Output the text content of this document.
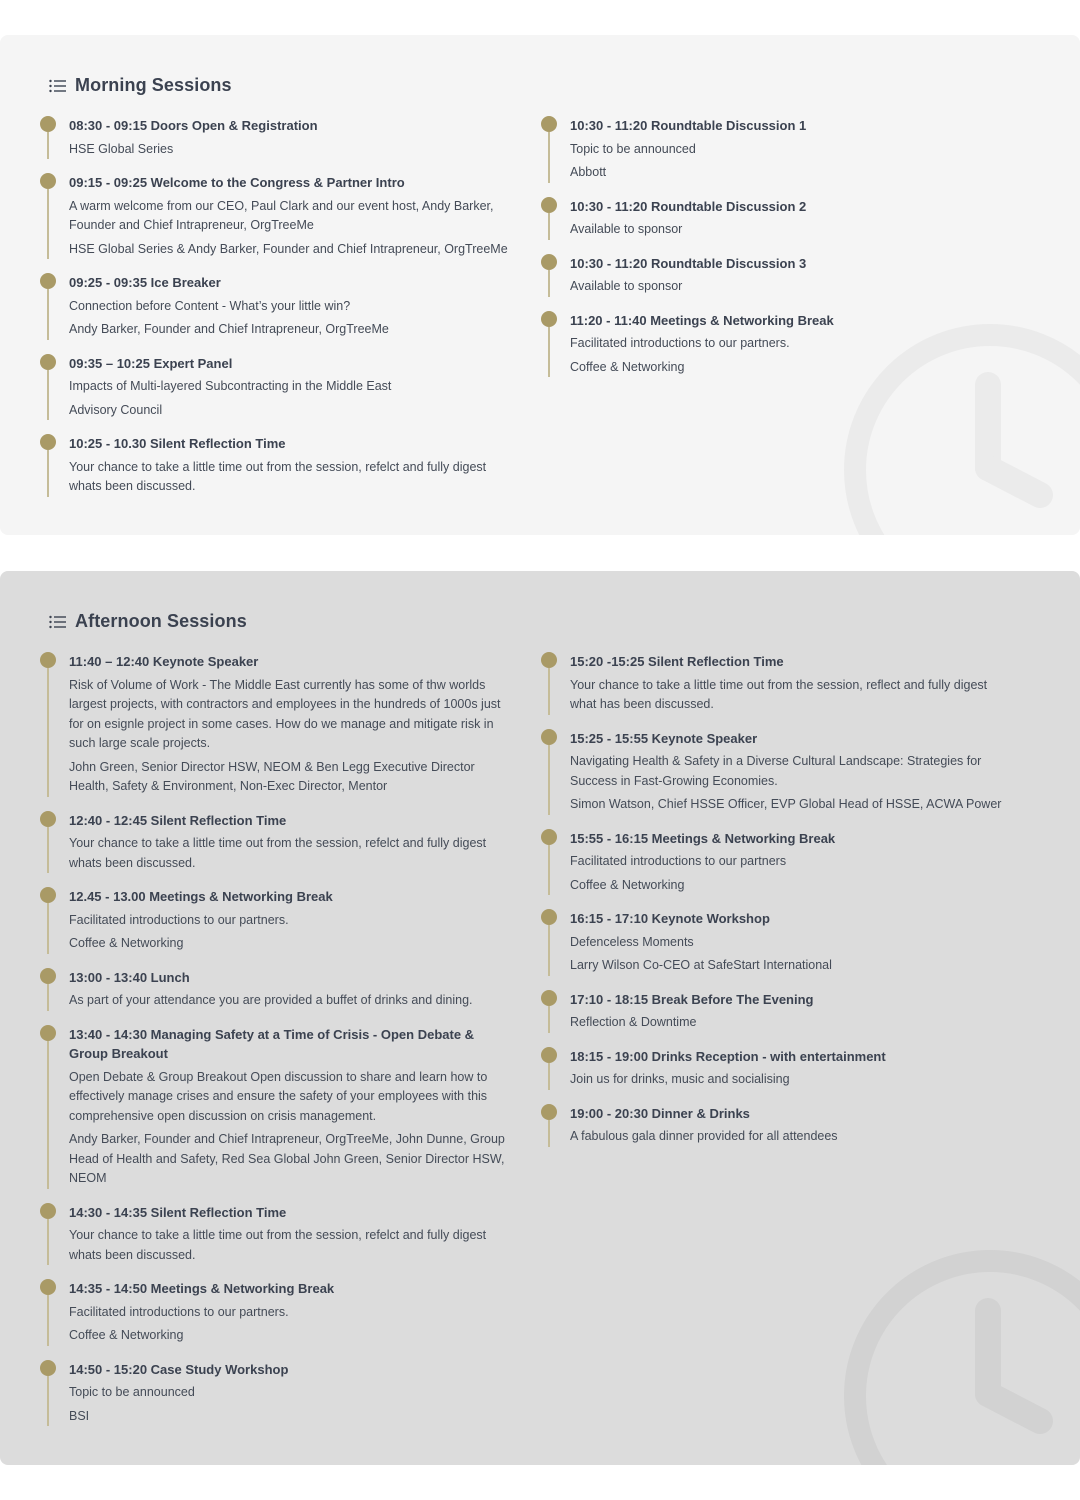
Morning Sessions
08:30 - 09:15 Doors Open & Registration
HSE Global Series
09:15 - 09:25 Welcome to the Congress & Partner Intro
A warm welcome from our CEO, Paul Clark and our event host, Andy Barker, Founder and Chief Intrapreneur, OrgTreeMe
HSE Global Series & Andy Barker, Founder and Chief Intrapreneur, OrgTreeMe
09:25 - 09:35 Ice Breaker
Connection before Content - What’s your little win?
Andy Barker, Founder and Chief Intrapreneur, OrgTreeMe
09:35 – 10:25 Expert Panel
Impacts of Multi-layered Subcontracting in the Middle East
Advisory Council
10:25 - 10.30 Silent Reflection Time
Your chance to take a little time out from the session, refelct and fully digest whats been discussed.
10:30 - 11:20 Roundtable Discussion 1
Topic to be announced
Abbott
10:30 - 11:20 Roundtable Discussion 2
Available to sponsor
10:30 - 11:20 Roundtable Discussion 3
Available to sponsor
11:20 - 11:40 Meetings & Networking Break
Facilitated introductions to our partners.
Coffee & Networking
Afternoon Sessions
11:40 – 12:40 Keynote Speaker
Risk of Volume of Work - The Middle East currently has some of thw worlds largest projects, with contractors and employees in the hundreds of 1000s just for on esignle project in some cases. How do we manage and mitigate risk in such large scale projects.
John Green, Senior Director HSW, NEOM & Ben Legg Executive Director Health, Safety & Environment, Non-Exec Director, Mentor
12:40 - 12:45 Silent Reflection Time
Your chance to take a little time out from the session, refelct and fully digest whats been discussed.
12.45 - 13.00 Meetings & Networking Break
Facilitated introductions to our partners.
Coffee & Networking
13:00 - 13:40 Lunch
As part of your attendance you are provided a buffet of drinks and dining.
13:40 - 14:30 Managing Safety at a Time of Crisis - Open Debate & Group Breakout
Open Debate & Group Breakout Open discussion to share and learn how to effectively manage crises and ensure the safety of your employees with this comprehensive open discussion on crisis management.
Andy Barker, Founder and Chief Intrapreneur, OrgTreeMe, John Dunne, Group Head of Health and Safety, Red Sea Global John Green, Senior Director HSW, NEOM
14:30 - 14:35 Silent Reflection Time
Your chance to take a little time out from the session, refelct and fully digest whats been discussed.
14:35 - 14:50 Meetings & Networking Break
Facilitated introductions to our partners.
Coffee & Networking
14:50 - 15:20 Case Study Workshop
Topic to be announced
BSI
15:20 -15:25 Silent Reflection Time
Your chance to take a little time out from the session, reflect and fully digest what has been discussed.
15:25 - 15:55 Keynote Speaker
Navigating Health & Safety in a Diverse Cultural Landscape: Strategies for Success in Fast-Growing Economies.
Simon Watson, Chief HSSE Officer, EVP Global Head of HSSE, ACWA Power
15:55 - 16:15 Meetings & Networking Break
Facilitated introductions to our partners
Coffee & Networking
16:15 - 17:10 Keynote Workshop
Defenceless Moments
Larry Wilson Co-CEO at SafeStart International
17:10 - 18:15 Break Before The Evening
Reflection & Downtime
18:15 - 19:00 Drinks Reception - with entertainment
Join us for drinks, music and socialising
19:00 - 20:30 Dinner & Drinks
A fabulous gala dinner provided for all attendees
